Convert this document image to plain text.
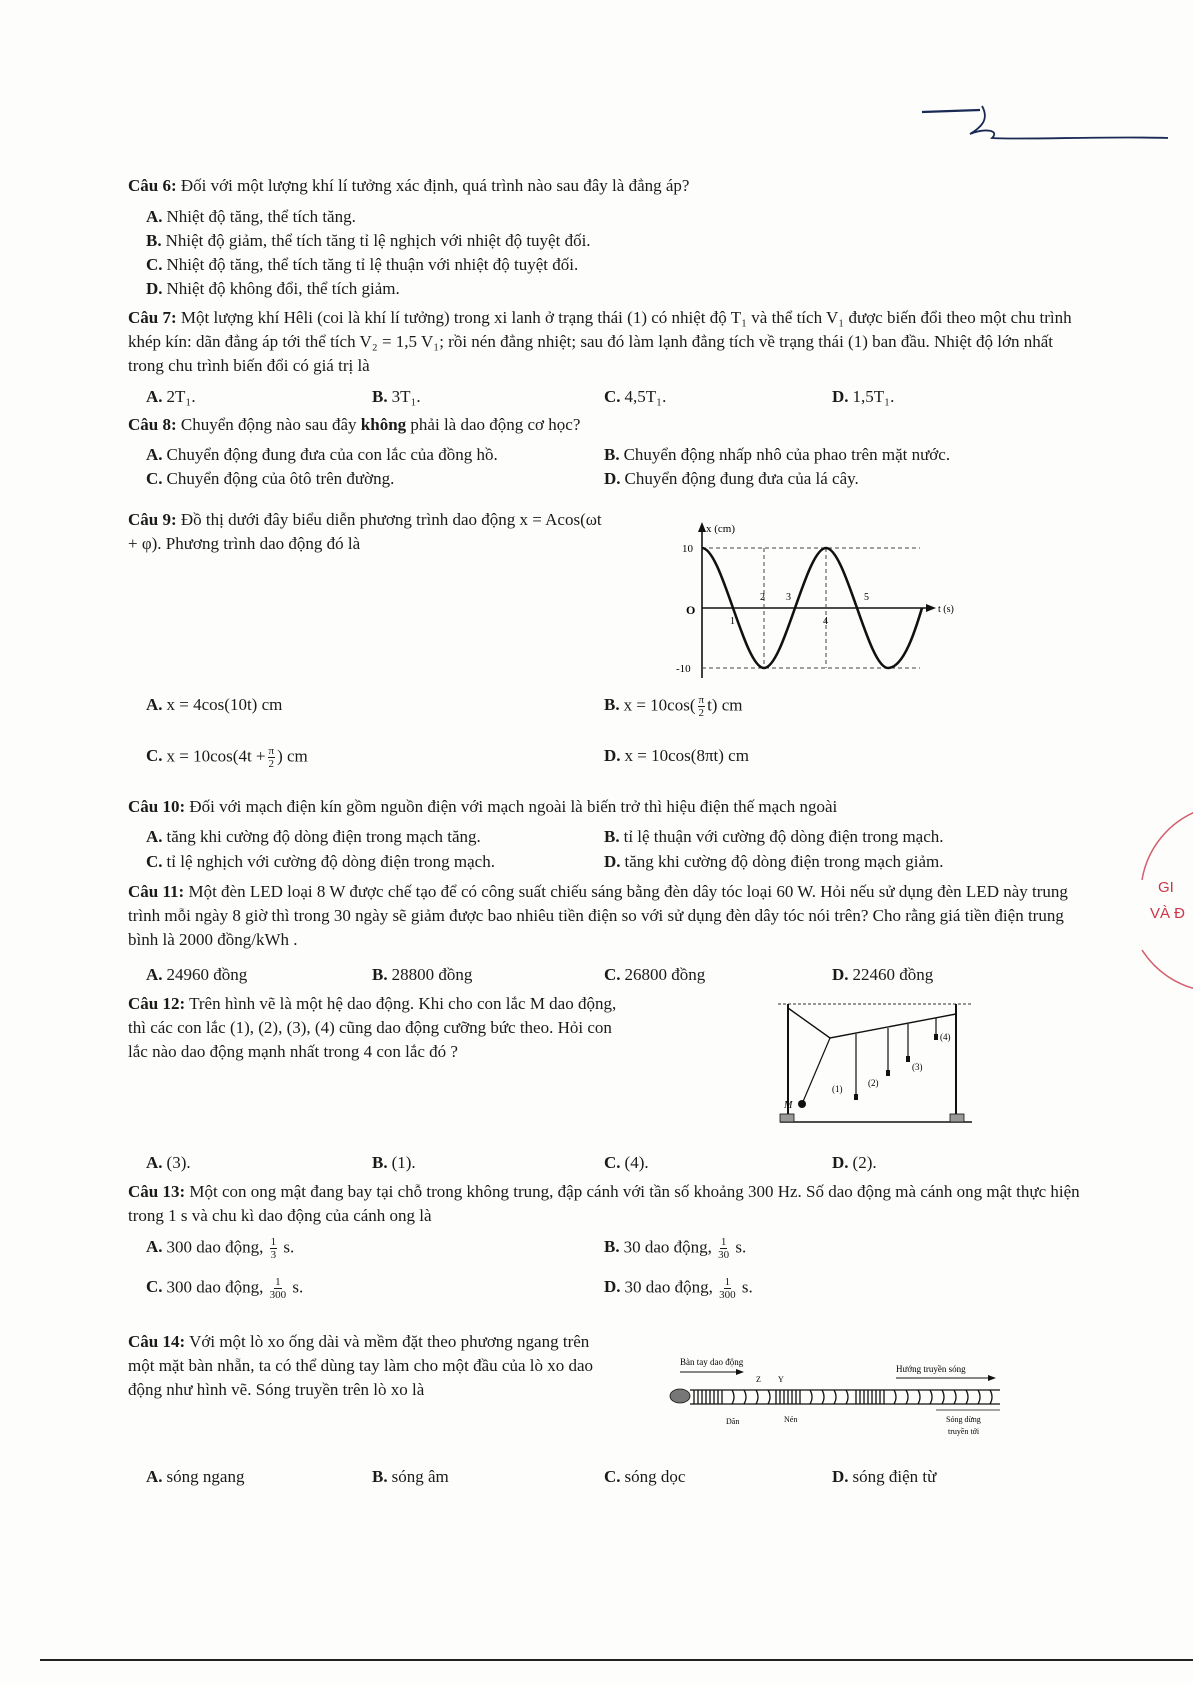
GI
VÀ Đ

Câu 6: Đối với một lượng khí lí tưởng xác định, quá trình nào sau đây là đẳng áp?

A. Nhiệt độ tăng, thể tích tăng.
B. Nhiệt độ giảm, thể tích tăng tỉ lệ nghịch với nhiệt độ tuyệt đối.
C. Nhiệt độ tăng, thể tích tăng tỉ lệ thuận với nhiệt độ tuyệt đối.
D. Nhiệt độ không đổi, thể tích giảm.

Câu 7: Một lượng khí Hêli (coi là khí lí tưởng) trong xi lanh ở trạng thái (1) có nhiệt độ T₁ và thể tích V₁ được biến đổi theo một chu trình khép kín: dãn đẳng áp tới thể tích V₂ = 1,5 V₁; rồi nén đẳng nhiệt; sau đó làm lạnh đẳng tích về trạng thái (1) ban đầu. Nhiệt độ lớn nhất trong chu trình biến đổi có giá trị là

A. 2T₁.	B. 3T₁.	C. 4,5T₁.	D. 1,5T₁.

Câu 8: Chuyển động nào sau đây không phải là dao động cơ học?

A. Chuyển động đung đưa của con lắc của đồng hồ.	B. Chuyển động nhấp nhô của phao trên mặt nước.
C. Chuyển động của ôtô trên đường.	D. Chuyển động đung đưa của lá cây.

Câu 9: Đồ thị dưới đây biểu diễn phương trình dao động x = Acos(ωt + φ). Phương trình dao động đó là

x (cm)
t (s)
10
O
-10
1
2 3
4
5
A. x = 4cos(10t) cm	B. $x = 10\cos( \frac{\pi}{2} t)$ cm
C. $x = 10\cos(4t + \frac{\pi}{2}$ ) cm	D. x = 10cos(8πt) cm

Câu 10: Đối với mạch điện kín gồm nguồn điện với mạch ngoài là biến trở thì hiệu điện thế mạch ngoài

A. tăng khi cường độ dòng điện trong mạch tăng.	B. tỉ lệ thuận với cường độ dòng điện trong mạch.
C. tỉ lệ nghịch với cường độ dòng điện trong mạch.	D. tăng khi cường độ dòng điện trong mạch giảm.

Câu 11: Một đèn LED loại 8 W được chế tạo để có công suất chiếu sáng bằng đèn dây tóc loại 60 W. Hỏi nếu sử dụng đèn LED này trung trình mỗi ngày 8 giờ thì trong 30 ngày sẽ giảm được bao nhiêu tiền điện so với sử dụng đèn dây tóc nói trên? Cho rằng giá tiền điện trung bình là 2000 đồng/kWh .

A. 24960 đồng	B. 28800 đồng	C. 26800 đồng	D. 22460 đồng

Câu 12: Trên hình vẽ là một hệ dao động. Khi cho con lắc M dao động, thì các con lắc (1), (2), (3), (4) cũng dao động cưỡng bức theo. Hỏi con lắc nào dao động mạnh nhất trong 4 con lắc đó ?

M
(1)
(2)
(3)
(4)
A. (3).	B. (1).	C. (4).	D. (2).

Câu 13: Một con ong mật đang bay tại chỗ trong không trung, đập cánh với tần số khoảng 300 Hz. Số dao động mà cánh ong mật thực hiện trong 1 s và chu kì dao động của cánh ong là

A. 300 dao động, $\frac{1}{3} s$.	B. 30 dao động, $\frac{1}{30} s$.
C. 300 dao động, $\frac{1}{300} s$.	D. 30 dao động, $\frac{1}{300} s$.

Câu 14: Với một lò xo ống dài và mềm đặt theo phương ngang trên một mặt bàn nhẵn, ta có thể dùng tay làm cho một đầu của lò xo dao động như hình vẽ. Sóng truyền trên lò xo là

Bàn tay dao động
Z Y
Hướng truyền sóng
Dãn	Nén	Sóng dừng
truyền tới
A. sóng ngang	B. sóng âm	C. sóng dọc	D. sóng điện từ
